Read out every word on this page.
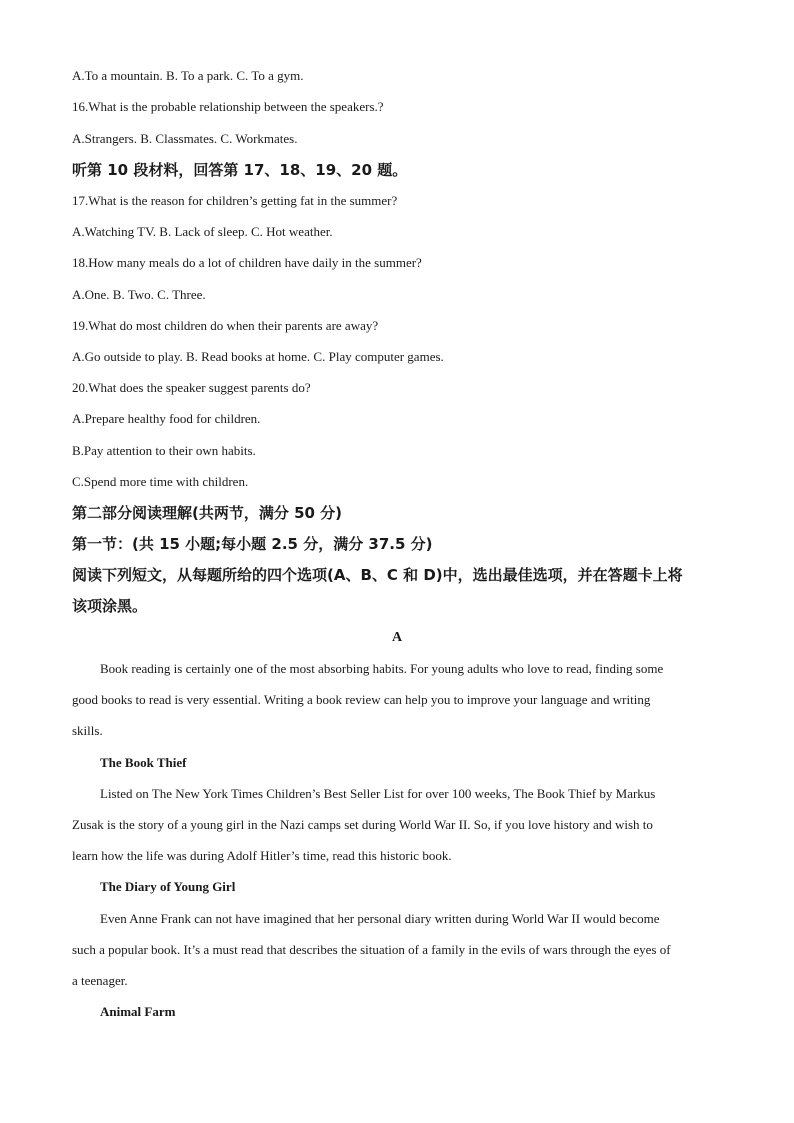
A.To a mountain. B. To a park. C. To a gym.
16.What is the probable relationship between the speakers.?
A.Strangers. B. Classmates. C. Workmates.
听第 10 段材料，回答第 17、18、19、20 题。
17.What is the reason for children’s getting fat in the summer?
A.Watching TV. B. Lack of sleep. C. Hot weather.
18.How many meals do a lot of children have daily in the summer?
A.One. B. Two. C. Three.
19.What do most children do when their parents are away?
A.Go outside to play. B. Read books at home. C. Play computer games.
20.What does the speaker suggest parents do?
A.Prepare healthy food for children.
B.Pay attention to their own habits.
C.Spend more time with children.
第二部分阅读理解(共两节，满分 50 分)
第一节：(共 15 小题;每小题 2.5 分，满分 37.5 分)
阅读下列短文，从每题所给的四个选项(A、B、C 和 D)中，选出最佳选项，并在答题卡上将
该项涂黑。
A
Book reading is certainly one of the most absorbing habits. For young adults who love to read, finding some
good books to read is very essential. Writing a book review can help you to improve your language and writing
skills.
The Book Thief
Listed on The New York Times Children’s Best Seller List for over 100 weeks, The Book Thief by Markus
Zusak is the story of a young girl in the Nazi camps set during World War II. So, if you love history and wish to
learn how the life was during Adolf Hitler’s time, read this historic book.
The Diary of Young Girl
Even Anne Frank can not have imagined that her personal diary written during World War II would become
such a popular book. It’s a must read that describes the situation of a family in the evils of wars through the eyes of
a teenager.
Animal Farm
